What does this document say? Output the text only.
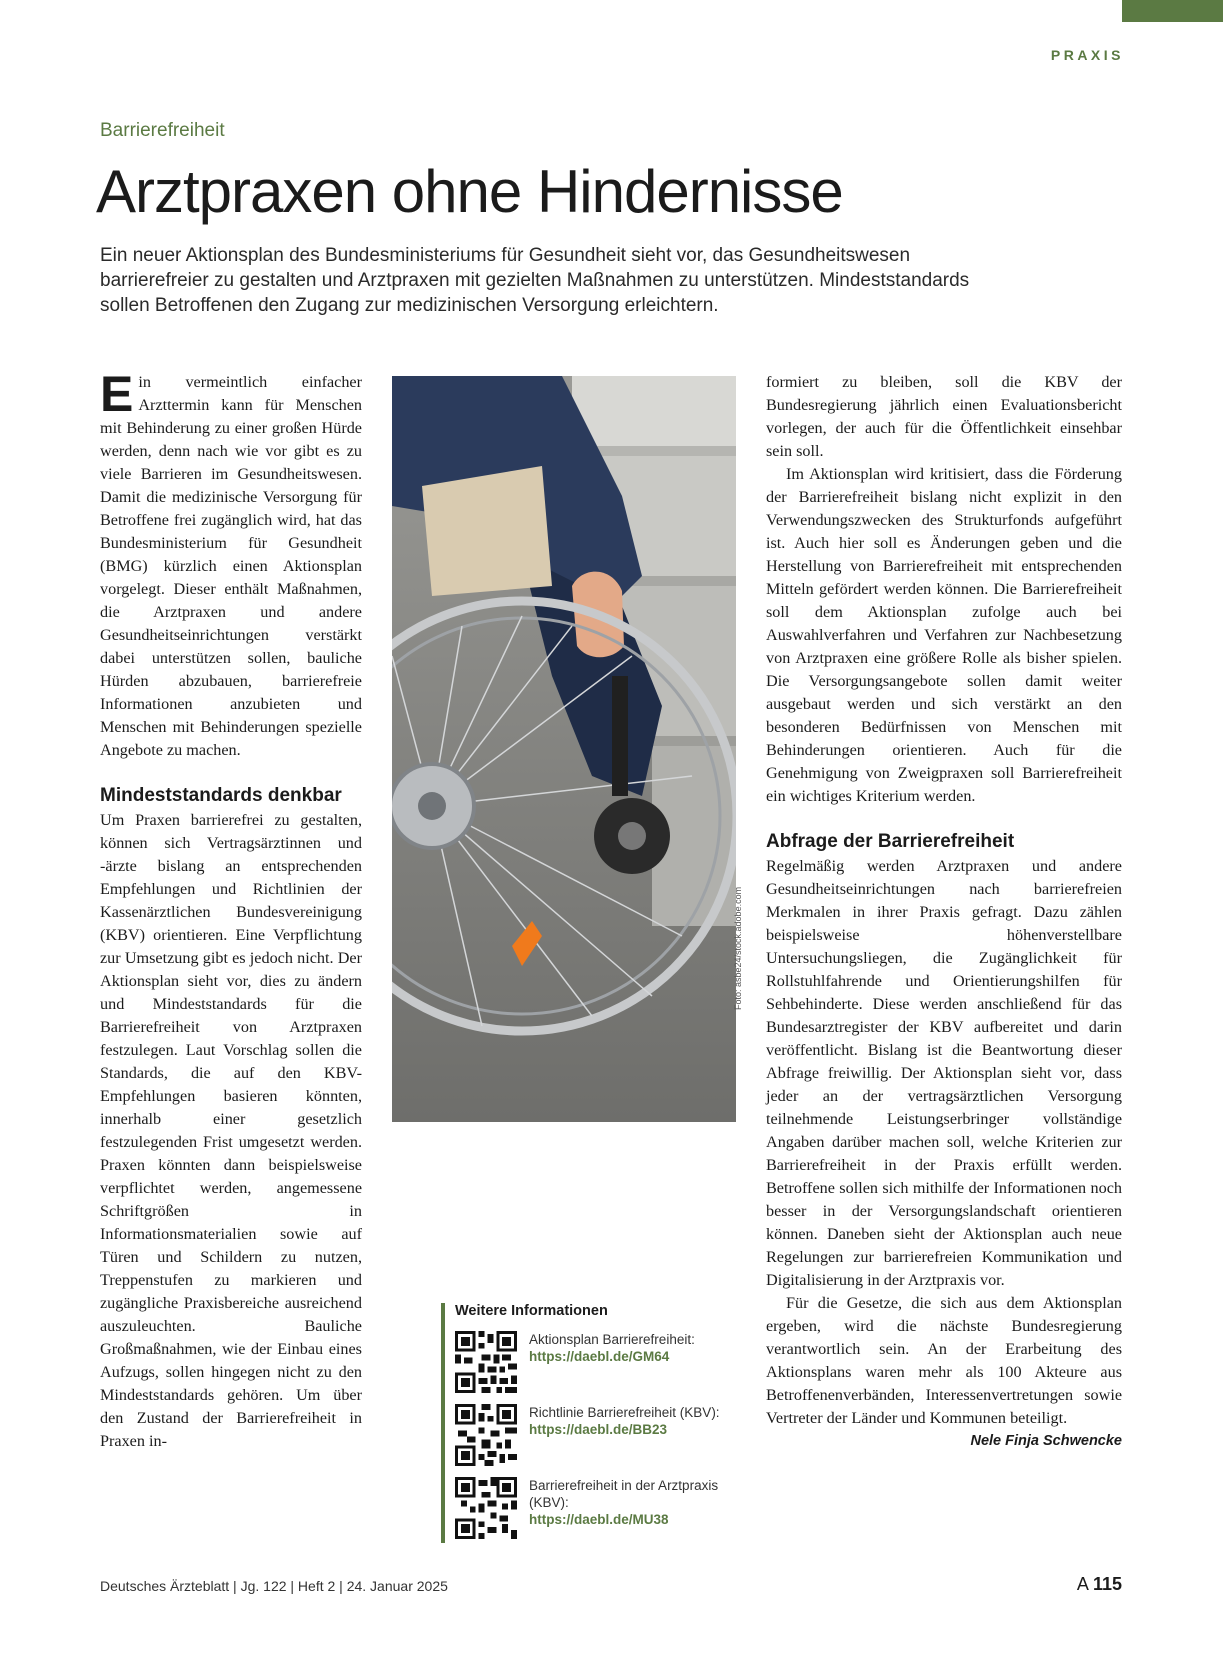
PRAXIS
Barrierefreiheit
Arztpraxen ohne Hindernisse

Ein neuer Aktionsplan des Bundesministeriums für Gesundheit sieht vor, das Gesundheitswesen barrierefreier zu gestalten und Arztpraxen mit gezielten Maßnahmen zu unterstützen. Mindeststandards sollen Betroffenen den Zugang zur medizinischen Versorgung erleichtern.

Ein vermeintlich einfacher Arzttermin kann für Menschen mit Behinderung zu einer großen Hürde werden, denn nach wie vor gibt es zu viele Barrieren im Gesundheitswesen. Damit die medizinische Versorgung für Betroffene frei zugänglich wird, hat das Bundesministerium für Gesundheit (BMG) kürzlich einen Aktionsplan vorgelegt. Dieser enthält Maßnahmen, die Arztpraxen und andere Gesundheitseinrichtungen verstärkt dabei unterstützen sollen, bauliche Hürden abzubauen, barrierefreie Informationen anzubieten und Menschen mit Behinderungen spezielle Angebote zu machen.

Mindeststandards denkbar

Um Praxen barrierefrei zu gestalten, können sich Vertragsärztinnen und -ärzte bislang an entsprechenden Empfehlungen und Richtlinien der Kassenärztlichen Bundesvereinigung (KBV) orientieren. Eine Verpflichtung zur Umsetzung gibt es jedoch nicht. Der Aktionsplan sieht vor, dies zu ändern und Mindeststandards für die Barrierefreiheit von Arztpraxen festzulegen. Laut Vorschlag sollen die Standards, die auf den KBV-Empfehlungen basieren könnten, innerhalb einer gesetzlich festzulegenden Frist umgesetzt werden. Praxen könnten dann beispielsweise verpflichtet werden, angemessene Schriftgrößen in Informationsmaterialien sowie auf Türen und Schildern zu nutzen, Treppenstufen zu markieren und zugängliche Praxisbereiche ausreichend auszuleuchten. Bauliche Großmaßnahmen, wie der Einbau eines Aufzugs, sollen hingegen nicht zu den Mindeststandards gehören. Um über den Zustand der Barrierefreiheit in Praxen in-

Foto: asbe24/stock.adobe.com
Weitere Informationen
Aktionsplan Barrierefreiheit:
https://daebl.de/GM64
Richtlinie Barrierefreiheit (KBV):
https://daebl.de/BB23
Barrierefreiheit in der Arztpraxis (KBV):
https://daebl.de/MU38

formiert zu bleiben, soll die KBV der Bundesregierung jährlich einen Evaluationsbericht vorlegen, der auch für die Öffentlichkeit einsehbar sein soll.

Im Aktionsplan wird kritisiert, dass die Förderung der Barrierefreiheit bislang nicht explizit in den Verwendungszwecken des Strukturfonds aufgeführt ist. Auch hier soll es Änderungen geben und die Herstellung von Barrierefreiheit mit entsprechenden Mitteln gefördert werden können. Die Barrierefreiheit soll dem Aktionsplan zufolge auch bei Auswahlverfahren und Verfahren zur Nachbesetzung von Arztpraxen eine größere Rolle als bisher spielen. Die Versorgungsangebote sollen damit weiter ausgebaut werden und sich verstärkt an den besonderen Bedürfnissen von Menschen mit Behinderungen orientieren. Auch für die Genehmigung von Zweigpraxen soll Barrierefreiheit ein wichtiges Kriterium werden.

Abfrage der Barrierefreiheit

Regelmäßig werden Arztpraxen und andere Gesundheitseinrichtungen nach barrierefreien Merkmalen in ihrer Praxis gefragt. Dazu zählen beispielsweise höhenverstellbare Untersuchungsliegen, die Zugänglichkeit für Rollstuhlfahrende und Orientierungshilfen für Sehbehinderte. Diese werden anschließend für das Bundesarztregister der KBV aufbereitet und darin veröffentlicht. Bislang ist die Beantwortung dieser Abfrage freiwillig. Der Aktionsplan sieht vor, dass jeder an der vertragsärztlichen Versorgung teilnehmende Leistungserbringer vollständige Angaben darüber machen soll, welche Kriterien zur Barrierefreiheit in der Praxis erfüllt werden. Betroffene sollen sich mithilfe der Informationen noch besser in der Versorgungslandschaft orientieren können. Daneben sieht der Aktionsplan auch neue Regelungen zur barrierefreien Kommunikation und Digitalisierung in der Arztpraxis vor.

Für die Gesetze, die sich aus dem Aktionsplan ergeben, wird die nächste Bundesregierung verantwortlich sein. An der Erarbeitung des Aktionsplans waren mehr als 100 Akteure aus Betroffenenverbänden, Interessenvertretungen sowie Vertreter der Länder und Kommunen beteiligt.
Nele Finja Schwencke

Deutsches Ärzteblatt | Jg. 122 | Heft 2 | 24. Januar 2025	A 115
